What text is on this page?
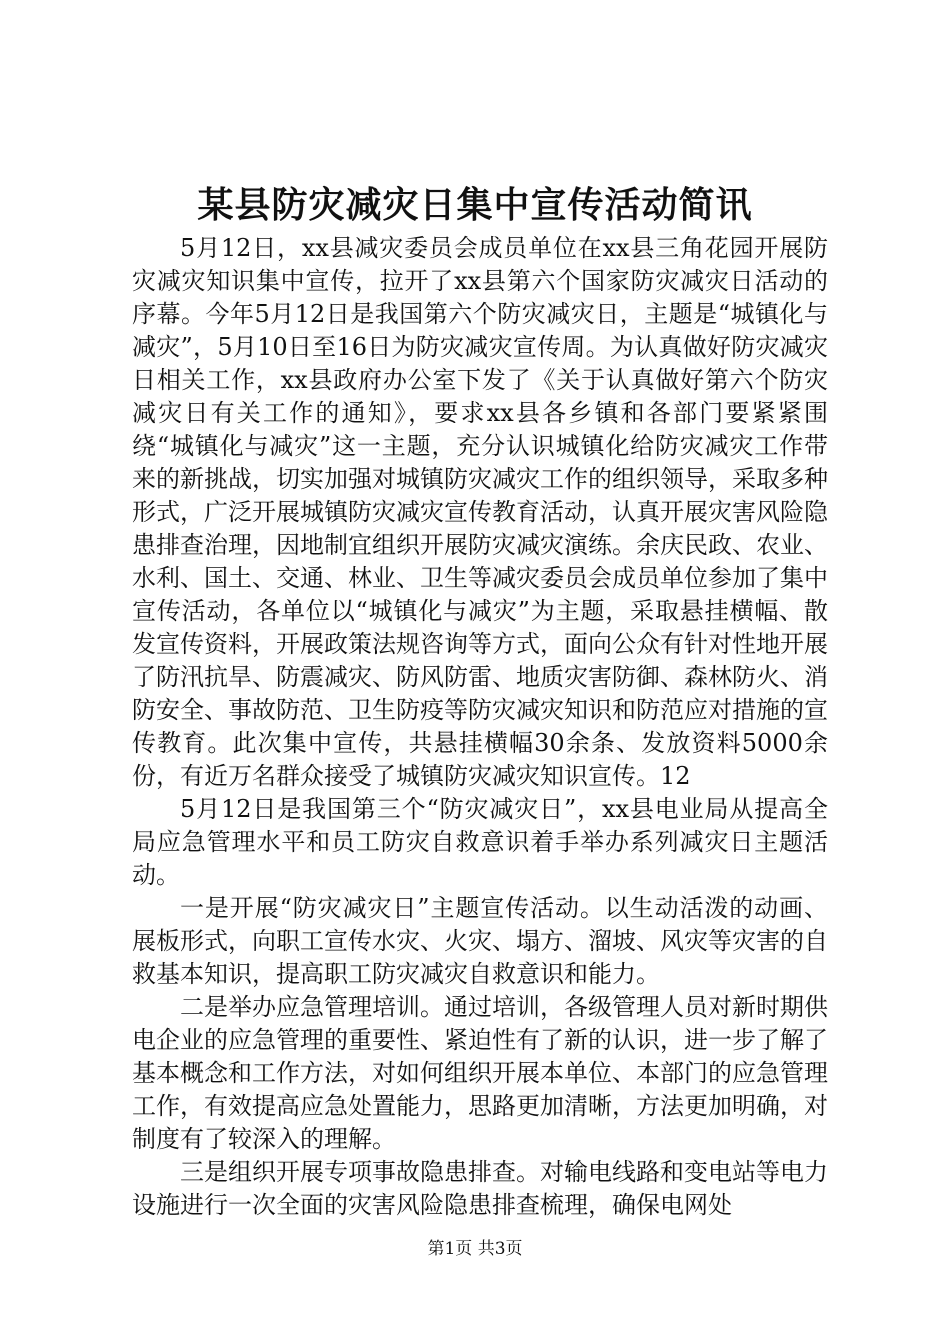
某县防灾减灾日集中宣传活动简讯

5月12日，xx县减灾委员会成员单位在xx县三角花园开展防灾减灾知识集中宣传，拉开了xx县第六个国家防灾减灾日活动的序幕。今年5月12日是我国第六个防灾减灾日，主题是“城镇化与减灾”，5月10日至16日为防灾减灾宣传周。为认真做好防灾减灾日相关工作，xx县政府办公室下发了《关于认真做好第六个防灾减灾日有关工作的通知》，要求xx县各乡镇和各部门要紧紧围绕“城镇化与减灾”这一主题，充分认识城镇化给防灾减灾工作带来的新挑战，切实加强对城镇防灾减灾工作的组织领导，采取多种形式，广泛开展城镇防灾减灾宣传教育活动，认真开展灾害风险隐患排查治理，因地制宜组织开展防灾减灾演练。余庆民政、农业、水利、国土、交通、林业、卫生等减灾委员会成员单位参加了集中宣传活动，各单位以“城镇化与减灾”为主题，采取悬挂横幅、散发宣传资料，开展政策法规咨询等方式，面向公众有针对性地开展了防汛抗旱、防震减灾、防风防雷、地质灾害防御、森林防火、消防安全、事故防范、卫生防疫等防灾减灾知识和防范应对措施的宣传教育。此次集中宣传，共悬挂横幅30余条、发放资料5000余份，有近万名群众接受了城镇防灾减灾知识宣传。12

5月12日是我国第三个“防灾减灾日”，xx县电业局从提高全局应急管理水平和员工防灾自救意识着手举办系列减灾日主题活动。

一是开展“防灾减灾日”主题宣传活动。以生动活泼的动画、展板形式，向职工宣传水灾、火灾、塌方、溜坡、风灾等灾害的自救基本知识，提高职工防灾减灾自救意识和能力。

二是举办应急管理培训。通过培训，各级管理人员对新时期供电企业的应急管理的重要性、紧迫性有了新的认识，进一步了解了基本概念和工作方法，对如何组织开展本单位、本部门的应急管理工作，有效提高应急处置能力，思路更加清晰，方法更加明确，对制度有了较深入的理解。

三是组织开展专项事故隐患排查。对输电线路和变电站等电力设施进行一次全面的灾害风险隐患排查梳理，确保电网处

第1页 共3页
